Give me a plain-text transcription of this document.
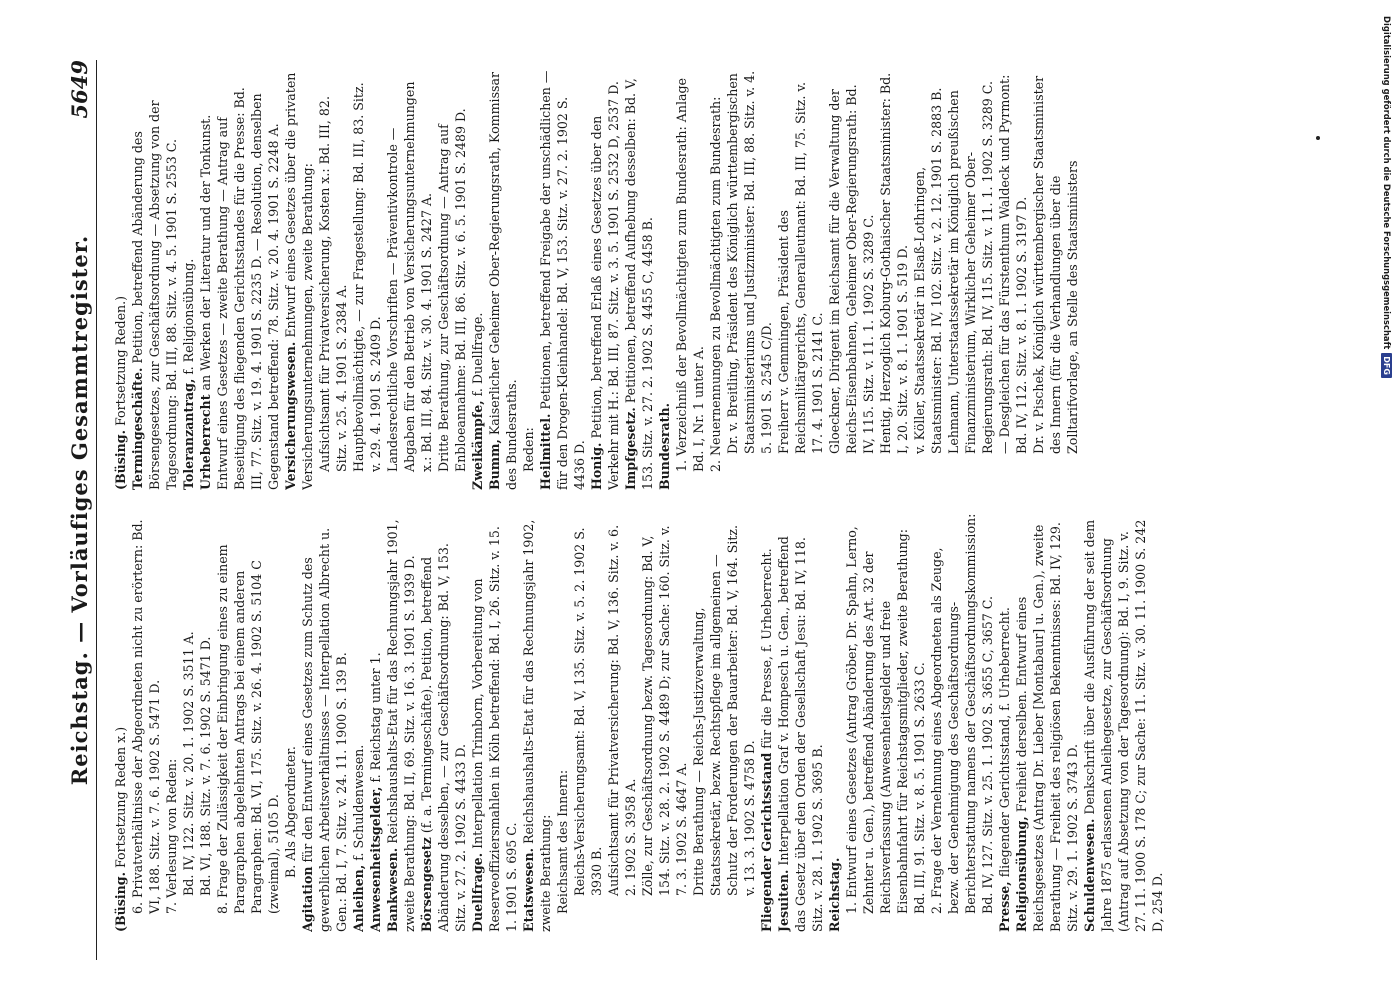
Reichstag. — Vorläufiges Gesammtregister.
5649

(Büsing. Fortsetzung Reden x.) 6. Privatverhältnisse der Abgeordneten nicht zu erörtern: Bd. VI, 188. Sitz. v. 7. 6. 1902 S. 5471 D. 7. Verlesung von Reden: Bd. IV, 122. Sitz. v. 20. 1. 1902 S. 3511 A. Bd. VI, 188. Sitz. v. 7. 6. 1902 S. 5471 D. 8. Frage der Zulässigkeit der Einbringung eines zu einem Paragraphen abgelehnten Antrags bei einem anderen Paragraphen: Bd. VI, 175. Sitz. v. 26. 4. 1902 S. 5104 C (zweimal), 5105 D. B. Als Abgeordneter.

Agitation für den Entwurf eines Gesetzes zum Schutz des gewerblichen Arbeitsverhältnisses — Interpellation Albrecht u. Gen.: Bd. I, 7. Sitz. v. 24. 11. 1900 S. 139 B. Anleihen, f. Schuldenwesen. Anwesenheitsgelder, f. Reichstag unter 1.

Bankwesen. Reichshaushalts-Etat für das Rechnungsjahr 1901, zweite Berathung: Bd. II, 69. Sitz. v. 16. 3. 1901 S. 1939 D. Börsengesetz (f. a. Termingeschäfte). Petition, betreffend Abänderung desselben, — zur Geschäftsordnung: Bd. V, 153. Sitz. v. 27. 2. 1902 S. 4433 D. Duellfrage. Interpellation Trimborn, Vorbereitung von Reserveoffiziersmahlen in Köln betreffend: Bd. I, 26. Sitz. v. 15. 1. 1901 S. 695 C. Etatswesen. Reichshaushalts-Etat für das Rechnungsjahr 1902, zweite Berathung: Reichsamt des Innern: Reichs-Versicherungsamt: Bd. V, 135. Sitz. v. 5. 2. 1902 S. 3930 B. Aufsichtsamt für Privatversicherung: Bd. V, 136. Sitz. v. 6. 2. 1902 S. 3958 A. Zölle, zur Geschäftsordnung bezw. Tagesordnung: Bd. V, 154. Sitz. v. 28. 2. 1902 S. 4489 D; zur Sache: 160. Sitz. v. 7. 3. 1902 S. 4647 A. Dritte Berathung — Reichs-Justizverwaltung, Staatssekretär, bezw. Rechtspflege im allgemeinen — Schutz der Forderungen der Bauarbeiter: Bd. V, 164. Sitz. v. 13. 3. 1902 S. 4758 D. Fliegender Gerichtsstand für die Presse, f. Urheberrecht.

Jesuiten. Interpellation Graf v. Hompesch u. Gen., betreffend das Gesetz über den Orden der Gesellschaft Jesu: Bd. IV, 118. Sitz. v. 28. 1. 1902 S. 3695 B. Reichstag. 1. Entwurf eines Gesetzes (Antrag Gröber, Dr. Spahn, Lerno, Zehnter u. Gen.), betreffend Abänderung des Art. 32 der Reichsverfassung (Anwesenheitsgelder und freie Eisenbahnfahrt für Reichstagsmitglieder, zweite Berathung: Bd. III, 91. Sitz. v. 8. 5. 1901 S. 2633 C. 2. Frage der Vernehmung eines Abgeordneten als Zeuge, bezw. der Genehmigung des Geschäftsordnungs-Berichterstattung namens der Geschäftsordnungskommission: Bd. IV, 127. Sitz. v. 25. 1. 1902 S. 3655 C, 3657 C. Presse, fliegender Gerichtsstand, f. Urheberrecht. Religionsübung, Freiheit derselben. Entwurf eines Reichsgesetzes (Antrag Dr. Lieber [Montabaur] u. Gen.), zweite Berathung — Freiheit des religiösen Bekenntnisses: Bd. IV, 129. Sitz. v. 29. 1. 1902 S. 3743 D. Schuldenwesen. Denkschrift über die Ausführung der seit dem Jahre 1875 erlassenen Anleihegesetze, zur Geschäftsordnung (Antrag auf Absetzung von der Tagesordnung): Bd. I, 9. Sitz. v. 27. 11. 1900 S. 178 C; zur Sache: 11. Sitz. v. 30. 11. 1900 S. 242 D, 254 D.

(Büsing. Fortsetzung Reden.) Termingeschäfte. Petition, betreffend Abänderung des Börsengesetzes, zur Geschäftsordnung — Absetzung von der Tagesordnung: Bd. III, 88. Sitz. v. 4. 5. 1901 S. 2553 C. Toleranzantrag, f. Religionsübung.

Urheberrecht an Werken der Literatur und der Tonkunst. Entwurf eines Gesetzes — zweite Berathung — Antrag auf Beseitigung des fliegenden Gerichtsstandes für die Presse: Bd. III, 77. Sitz. v. 19. 4. 1901 S. 2235 D. — Resolution, denselben Gegenstand betreffend: 78. Sitz. v. 20. 4. 1901 S. 2248 A. Versicherungswesen. Entwurf eines Gesetzes über die privaten Versicherungsunternehmungen, zweite Berathung: Aufsichtsamt für Privatversicherung, Kosten x.: Bd. III, 82. Sitz. v. 25. 4. 1901 S. 2384 A. Hauptbevollmächtigte, — zur Fragestellung: Bd. III, 83. Sitz. v. 29. 4. 1901 S. 2409 D. Landesrechtliche Vorschriften — Präventivkontrole — Abgaben für den Betrieb von Versicherungsunternehmungen x.: Bd. III, 84. Sitz. v. 30. 4. 1901 S. 2427 A. Dritte Berathung, zur Geschäftsordnung — Antrag auf Enbloeannahme: Bd. III, 86. Sitz. v. 6. 5. 1901 S. 2489 D. Zweikämpfe, f. Duellfrage.

Bumm, Kaiserlicher Geheimer Ober-Regierungsrath, Kommissar des Bundesraths. Reden: Heilmittel. Petitionen, betreffend Freigabe der unschädlichen — für den Drogen-Kleinhandel: Bd. V, 153. Sitz. v. 27. 2. 1902 S. 4436 D. Honig. Petition, betreffend Erlaß eines Gesetzes über den Verkehr mit H.: Bd. III, 87. Sitz. v. 3. 5. 1901 S. 2532 D, 2537 D. Impfgesetz. Petitionen, betreffend Aufhebung desselben: Bd. V, 153. Sitz. v. 27. 2. 1902 S. 4455 C, 4458 B. Bundesrath. 1. Verzeichniß der Bevollmächtigten zum Bundesrath: Anlage Bd. I, Nr. 1 unter A. 2. Neuernennungen zu Bevollmächtigten zum Bundesrath: Dr. v. Breitling, Präsident des Königlich württembergischen Staatsministeriums und Justizminister: Bd. III, 88. Sitz. v. 4. 5. 1901 S. 2545 C/D. Freiherr v. Gemmingen, Präsident des Reichsmilitärgerichts, Generalleutnant: Bd. III, 75. Sitz. v. 17. 4. 1901 S. 2141 C. Gloeckner, Dirigent im Reichsamt für die Verwaltung der Reichs-Eisenbahnen, Geheimer Ober-Regierungsrath: Bd. IV, 115. Sitz. v. 11. 1. 1902 S. 3289 C. Hentig, Herzoglich Koburg-Gothaischer Staatsminister: Bd. I, 20. Sitz. v. 8. 1. 1901 S. 519 D. v. Köller, Staatssekretär in Elsaß-Lothringen, Staatsminister: Bd. IV, 102. Sitz. v. 2. 12. 1901 S. 2883 B. Lehmann, Unterstaatssekretär im Königlich preußischen Finanzministerium, Wirklicher Geheimer Ober-Regierungsrath: Bd. IV, 115. Sitz. v. 11. 1. 1902 S. 3289 C. — Desgleichen für das Fürstenthum Waldeck und Pyrmont: Bd. IV, 112. Sitz. v. 8. 1. 1902 S. 3197 D. Dr. v. Pischek, Königlich württembergischer Staatsminister des Innern (für die Verhandlungen über die Zolltarifvorlage, an Stelle des Staatsministers	Digitalisierung gefördert durch die Deutsche Forschungsgemeinschaft
DFG
